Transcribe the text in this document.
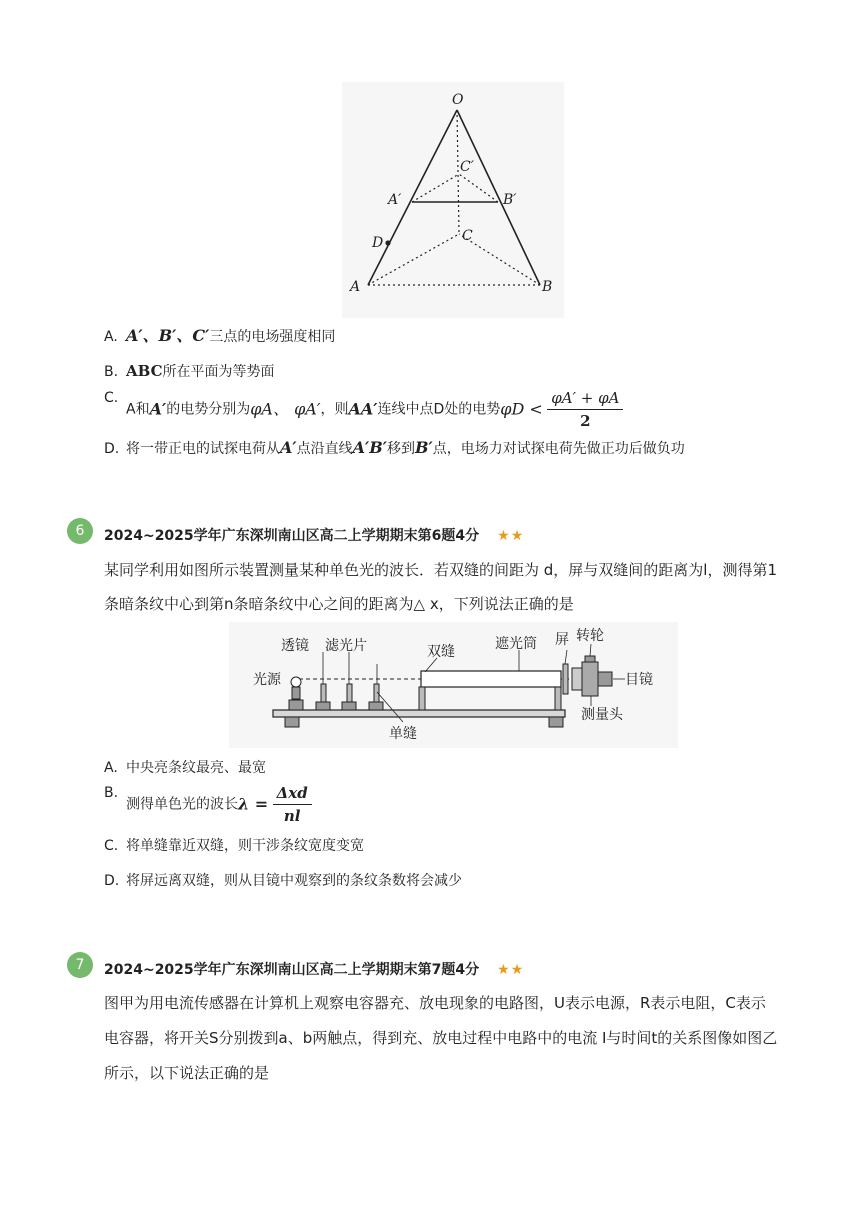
O
C′
A′	B′
D	C
A	B
A. A′、B′、C′三点的电场强度相同
B. ABC所在平面为等势面
C.A和A′的电势分别为φA、 φA′，则AA′连线中点D处的电势$\varphi D < \frac{\varphi A' + \varphi A}{2}$
D. 将一带正电的试探电荷从A′点沿直线A′B′移到B′点，电场力对试探电荷先做正功后做负功
6	2024~2025学年广东深圳南山区高二上学期期末第6题4分 ★★
某同学利用如图所示装置测量某种单色光的波长．若双缝的间距为 d，屏与双缝间的距离为l，测得第1
条暗条纹中心到第n条暗条纹中心之间的距离为△ x，下列说法正确的是
透镜 滤光片	双缝	遮光筒 屏 转轮
光源	目镜
测量头
单缝
A. 中央亮条纹最亮、最宽
B.测得单色光的波长$\lambda = \frac{\text{Δxd}}{nl}$
C. 将单缝靠近双缝，则干涉条纹宽度变宽
D. 将屏远离双缝，则从目镜中观察到的条纹条数将会减少
7	2024~2025学年广东深圳南山区高二上学期期末第7题4分 ★★
图甲为用电流传感器在计算机上观察电容器充、放电现象的电路图，U表示电源，R表示电阻，C表示
电容器，将开关S分别拨到a、b两触点，得到充、放电过程中电路中的电流 I与时间t的关系图像如图乙
所示，以下说法正确的是
